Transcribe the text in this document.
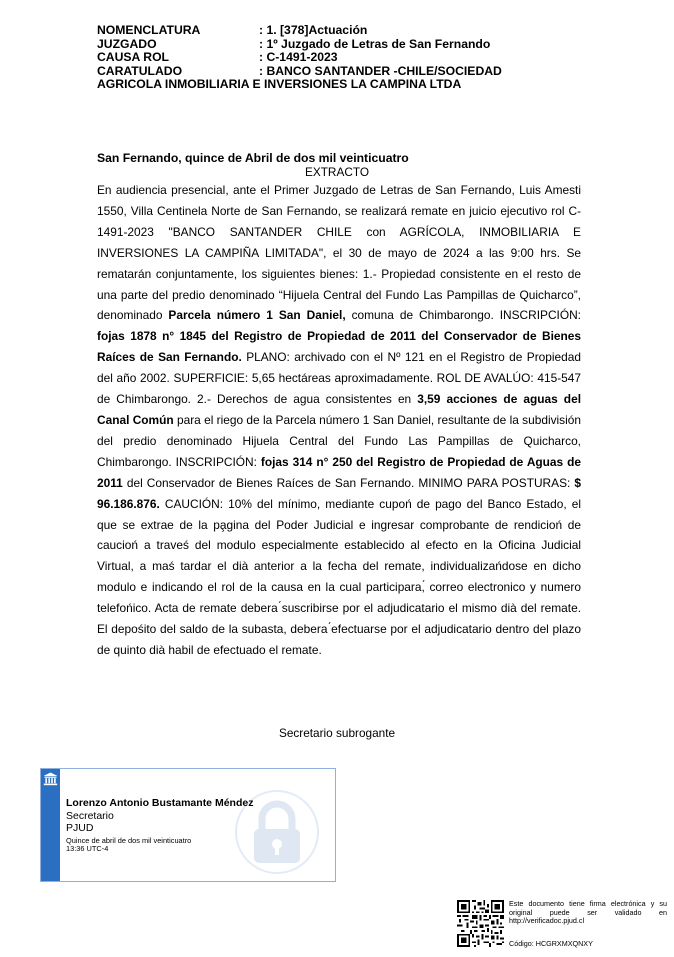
NOMENCLATURA	: 1. [378]Actuación
JUZGADO	: 1º Juzgado de Letras de San Fernando
CAUSA ROL	: C-1491-2023
CARATULADO	: BANCO SANTANDER -CHILE/SOCIEDAD
AGRICOLA INMOBILIARIA E INVERSIONES LA CAMPINA LTDA
San Fernando, quince de Abril de dos mil veinticuatro
EXTRACTO

En audiencia presencial, ante el Primer Juzgado de Letras de San Fernando, Luis Amesti 1550, Villa Centinela Norte de San Fernando, se realizará remate en juicio ejecutivo rol C-1491-2023 "BANCO SANTANDER CHILE con AGRÍCOLA, INMOBILIARIA E INVERSIONES LA CAMPIÑA LIMITADA", el 30 de mayo de 2024 a las 9:00 hrs. Se rematarán conjuntamente, los siguientes bienes: 1.- Propiedad consistente en el resto de una parte del predio denominado “Hijuela Central del Fundo Las Pampillas de Quicharco”, denominado Parcela número 1 San Daniel, comuna de Chimbarongo. INSCRIPCIÓN: fojas 1878 n° 1845 del Registro de Propiedad de 2011 del Conservador de Bienes Raíces de San Fernando. PLANO: archivado con el Nº 121 en el Registro de Propiedad del año 2002. SUPERFICIE: 5,65 hectáreas aproximadamente. ROL DE AVALÚO: 415-547 de Chimbarongo. 2.- Derechos de agua consistentes en 3,59 acciones de aguas del Canal Común para el riego de la Parcela número 1 San Daniel, resultante de la subdivisión del predio denominado Hijuela Central del Fundo Las Pampillas de Quicharco, Chimbarongo. INSCRIPCIÓN: fojas 314 n° 250 del Registro de Propiedad de Aguas de 2011 del Conservador de Bienes Raíces de San Fernando. MINIMO PARA POSTURAS: $ 96.186.876. CAUCIÓN: 10% del mínimo, mediante cupoń de pago del Banco Estado, el que se extrae de la pa̧gina del Poder Judicial e ingresar comprobante de rendicioń de caucioń a traveś del modulo especialmente establecido al efecto en la Oficina Judicial Virtual, a maś tardar el dià anterior a la fecha del remate, individualizańdose en dicho modulo e indicando el rol de la causa en la cual participara,́ correo electronico y numero telefońico. Acta de remate debera ́suscribirse por el adjudicatario el mismo dià del remate. El depośito del saldo de la subasta, debera ́efectuarse por el adjudicatario dentro del plazo de quinto dià habil de efectuado el remate.

Secretario subrogante
Lorenzo Antonio Bustamante Méndez
Secretario
PJUD
Quince de abril de dos mil veinticuatro
13:36 UTC-4
Este documento tiene firma electrónica y su original puede ser validado en http://verificadoc.pjud.cl
Código: HCGRXMXQNXY
